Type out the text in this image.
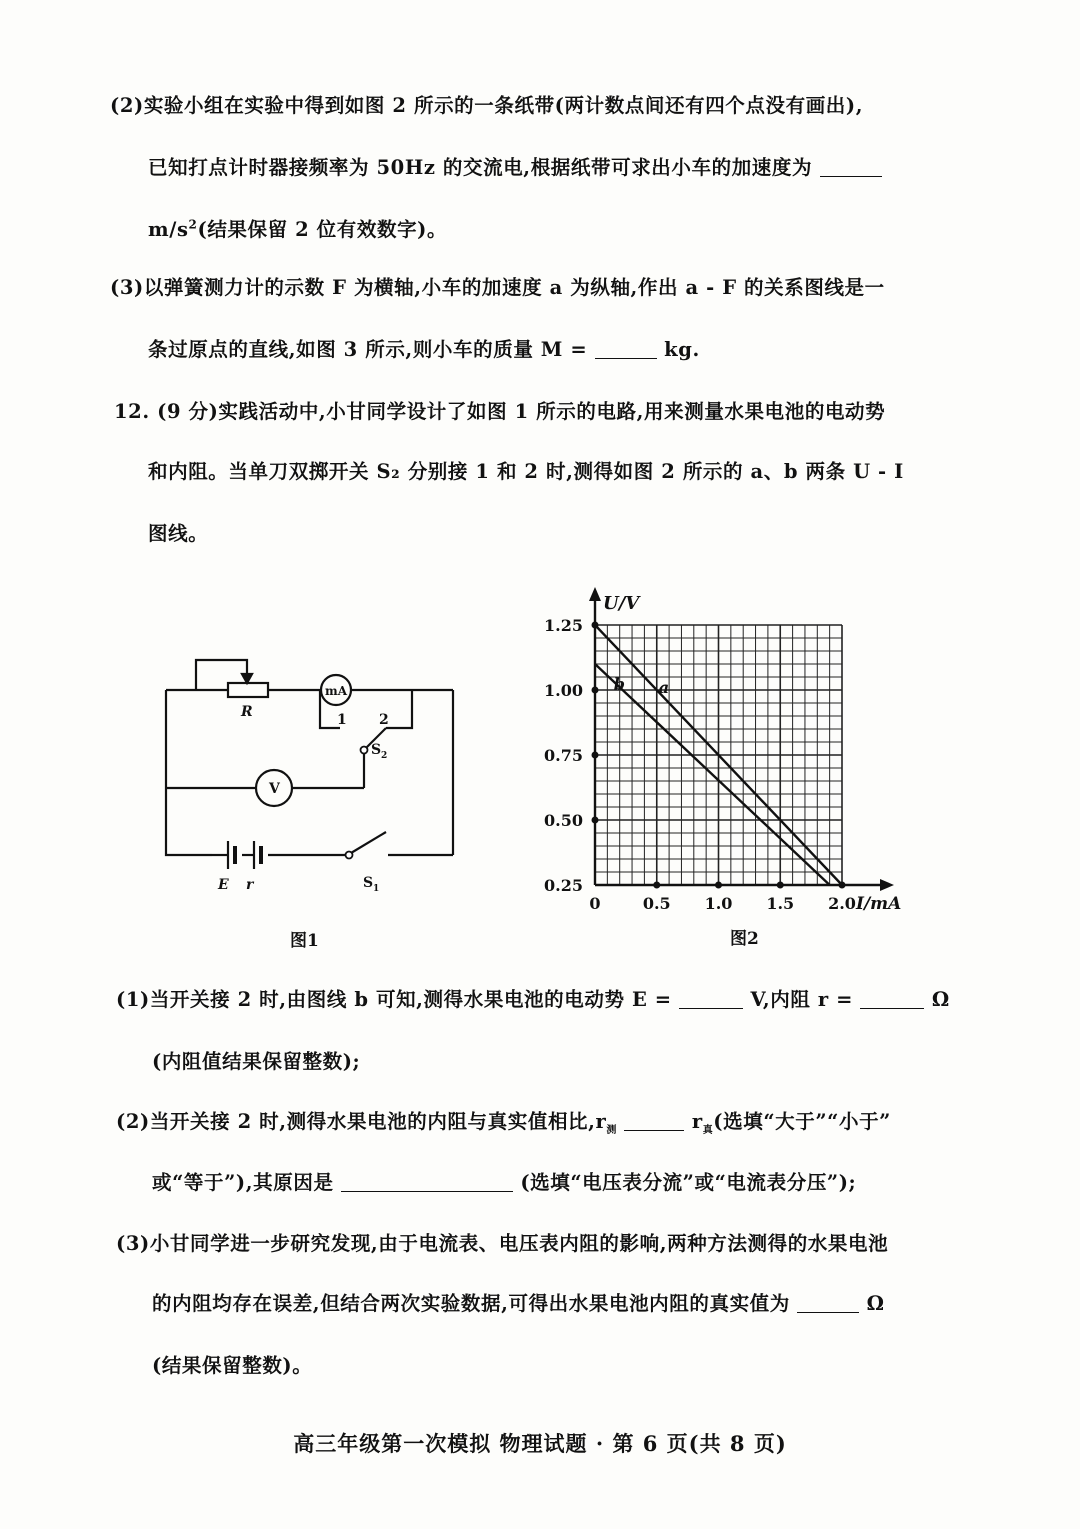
(2)实验小组在实验中得到如图 2 所示的一条纸带(两计数点间还有四个点没有画出),
已知打点计时器接频率为 50Hz 的交流电,根据纸带可求出小车的加速度为
$m/s^2$(结果保留 2 位有效数字)。
(3)以弹簧测力计的示数 F 为横轴,小车的加速度 a 为纵轴,作出 a - F 的关系图线是一
条过原点的直线,如图 3 所示,则小车的质量 M =	kg.
12. (9 分)实践活动中,小甘同学设计了如图 1 所示的电路,用来测量水果电池的电动势
和内阻。当单刀双掷开关 S₂ 分别接 1 和 2 时,测得如图 2 所示的 a、b 两条 U - I
图线。
R
mA
1 2
S 2
V
E r	S 1
图1
0	0.5 1.0 1.5 2.0
0.25
0.50
0.75
1.00
1.25
U/V
I/mA
a
b
图2
(1)当开关接 2 时,由图线 b 可知,测得水果电池的电动势 E =	V,内阻 r =	Ω
(内阻值结果保留整数);
(2)当开关接 2 时,测得水果电池的内阻与真实值相比$,r_测$	$r_真$(选填“大于”“小于”
或“等于”),其原因是	(选填“电压表分流”或“电流表分压”);
(3)小甘同学进一步研究发现,由于电流表、电压表内阻的影响,两种方法测得的水果电池
的内阻均存在误差,但结合两次实验数据,可得出水果电池内阻的真实值为	Ω
(结果保留整数)。
高三年级第一次模拟 物理试题 · 第 6 页(共 8 页)
